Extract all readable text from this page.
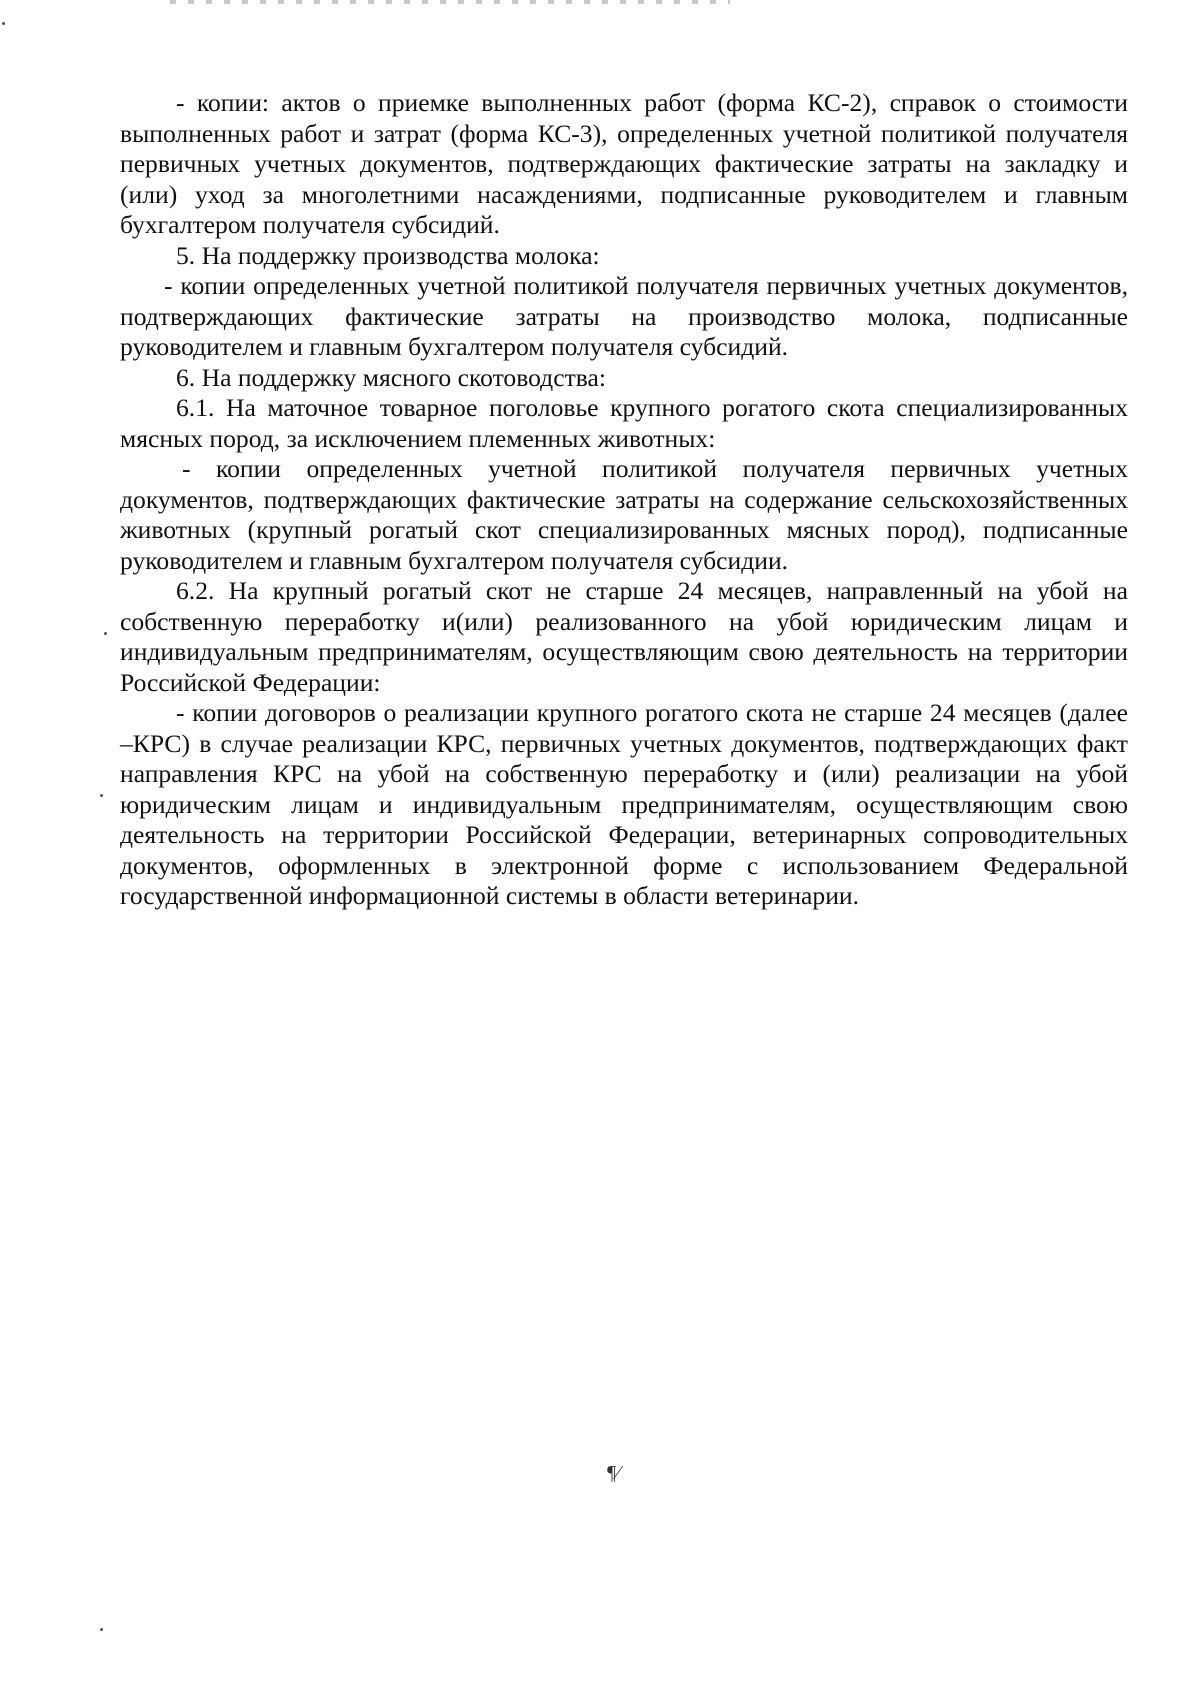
- копии: актов о приемке выполненных работ (форма КС-2), справок о стоимости выполненных работ и затрат (форма КС-3), определенных учетной политикой получателя первичных учетных документов, подтверждающих фактические затраты на закладку и (или) уход за многолетними насаждениями, подписанные руководителем и главным бухгалтером получателя субсидий.

5. На поддержку производства молока:

- копии определенных учетной политикой получателя первичных учетных документов, подтверждающих фактические затраты на производство молока, подписанные руководителем и главным бухгалтером получателя субсидий.

6. На поддержку мясного скотоводства:

6.1. На маточное товарное поголовье крупного рогатого скота специализированных мясных пород, за исключением племенных животных:

- копии определенных учетной политикой получателя первичных учетных документов, подтверждающих фактические затраты на содержание сельскохозяйственных животных (крупный рогатый скот специализированных мясных пород), подписанные руководителем и главным бухгалтером получателя субсидии.

6.2. На крупный рогатый скот не старше 24 месяцев, направленный на убой на собственную переработку и(или) реализованного на убой юридическим лицам и индивидуальным предпринимателям, осуществляющим свою деятельность на территории Российской Федерации:

- копии договоров о реализации крупного рогатого скота не старше 24 месяцев (далее –КРС) в случае реализации КРС, первичных учетных документов, подтверждающих факт направления КРС на убой на собственную переработку и (или) реализации на убой юридическим лицам и индивидуальным предпринимателям, осуществляющим свою деятельность на территории Российской Федерации, ветеринарных сопроводительных документов, оформленных в электронной форме с использованием Федеральной государственной информационной системы в области ветеринарии.

¶⁄
